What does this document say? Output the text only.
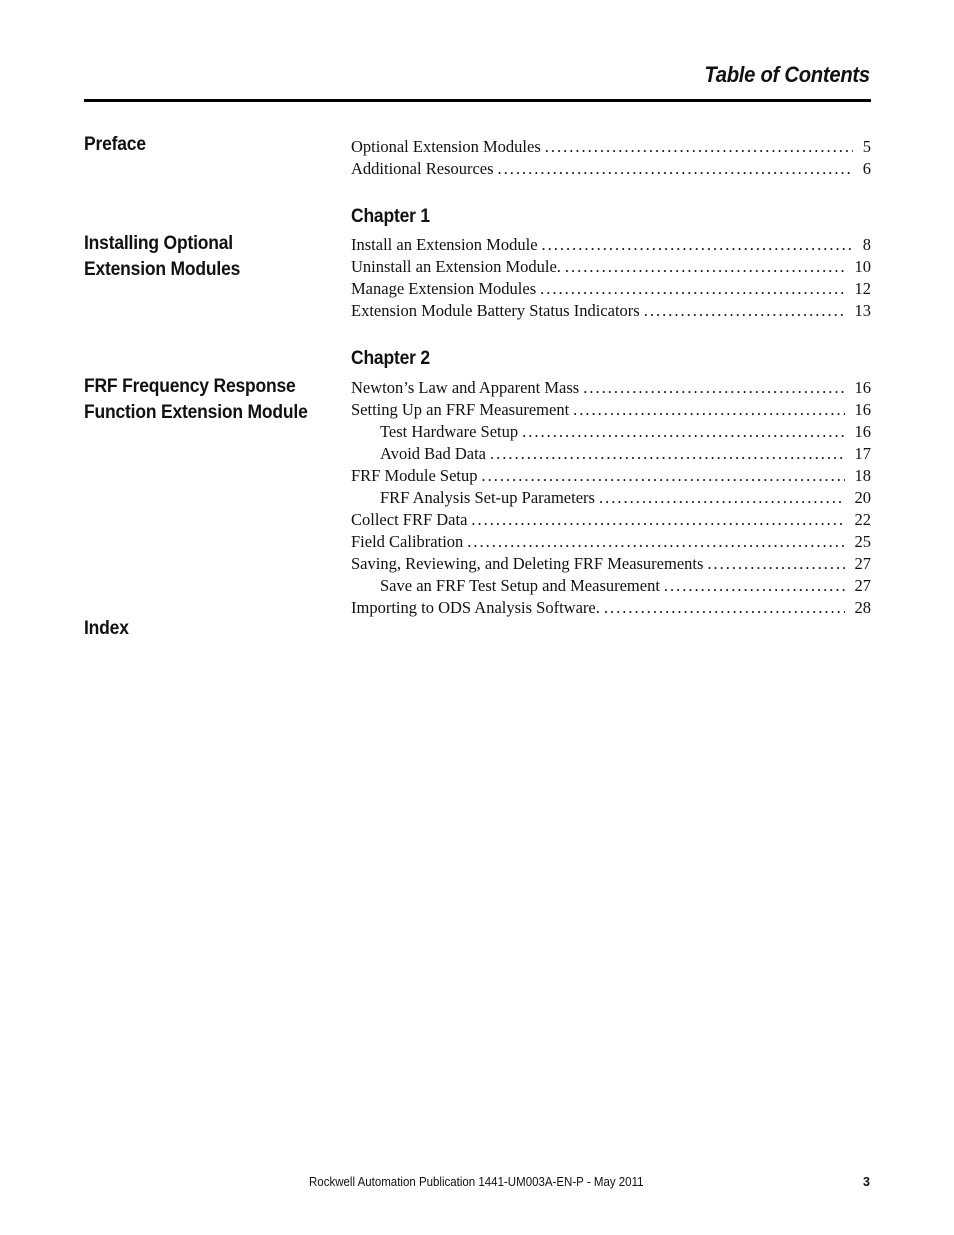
Table of Contents
Preface	Optional Extension Modules .....	5
Additional Resources .....	6
Chapter 1
Installing Optional Extension Modules
Install an Extension Module .....	8
Uninstall an Extension Module. .....	10
Manage Extension Modules .....	12
Extension Module Battery Status Indicators .....	13
Chapter 2
FRF Frequency Response Function Extension Module
Newton’s Law and Apparent Mass .....	16
Setting Up an FRF Measurement .....	16
Test Hardware Setup .....	16
Avoid Bad Data .....	17
FRF Module Setup .....	18
FRF Analysis Set-up Parameters .....	20
Collect FRF Data .....	22
Field Calibration .....	25
Saving, Reviewing, and Deleting FRF Measurements .....	27
Save an FRF Test Setup and Measurement .....	27
Importing to ODS Analysis Software. .....	28
Index
Rockwell Automation Publication 1441-UM003A-EN-P - May 2011	3
